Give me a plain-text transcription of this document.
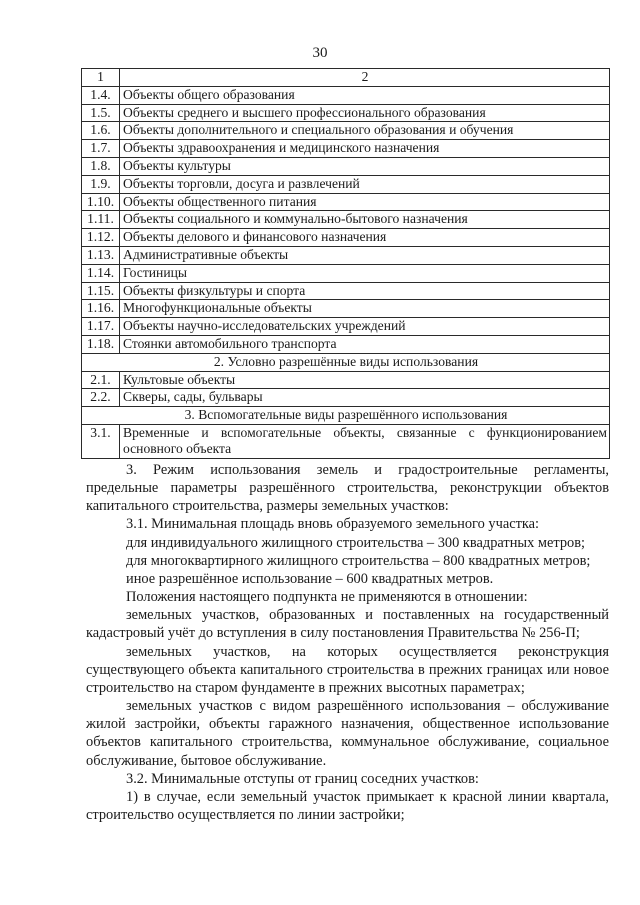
30
1	2
1.4.	Объекты общего образования
1.5.	Объекты среднего и высшего профессионального образования
1.6.	Объекты дополнительного и специального образования и обучения
1.7.	Объекты здравоохранения и медицинского назначения
1.8.	Объекты культуры
1.9.	Объекты торговли, досуга и развлечений
1.10.	Объекты общественного питания
1.11.	Объекты социального и коммунально-бытового назначения
1.12.	Объекты делового и финансового назначения
1.13.	Административные объекты
1.14.	Гостиницы
1.15.	Объекты физкультуры и спорта
1.16.	Многофункциональные объекты
1.17.	Объекты научно-исследовательских учреждений
1.18.	Стоянки автомобильного транспорта
2. Условно разрешённые виды использования	
2.1.	Культовые объекты
2.2.	Скверы, сады, бульвары
3. Вспомогательные виды разрешённого использования	
3.1.	Временные и вспомогательные объекты, связанные с функционированием основного объекта

3. Режим использования земель и градостроительные регламенты, предельные параметры разрешённого строительства, реконструкции объектов капитального строительства, размеры земельных участков:

3.1. Минимальная площадь вновь образуемого земельного участка:

для индивидуального жилищного строительства – 300 квадратных метров;

для многоквартирного жилищного строительства – 800 квадратных метров;

иное разрешённое использование – 600 квадратных метров.

Положения настоящего подпункта не применяются в отношении:

земельных участков, образованных и поставленных на государственный кадастровый учёт до вступления в силу постановления Правительства № 256-П;

земельных участков, на которых осуществляется реконструкция существующего объекта капитального строительства в прежних границах или новое строительство на старом фундаменте в прежних высотных параметрах;

земельных участков с видом разрешённого использования – обслуживание жилой застройки, объекты гаражного назначения, общественное использование объектов капитального строительства, коммунальное обслуживание, социальное обслуживание, бытовое обслуживание.

3.2. Минимальные отступы от границ соседних участков:

1) в случае, если земельный участок примыкает к красной линии квартала, строительство осуществляется по линии застройки;
